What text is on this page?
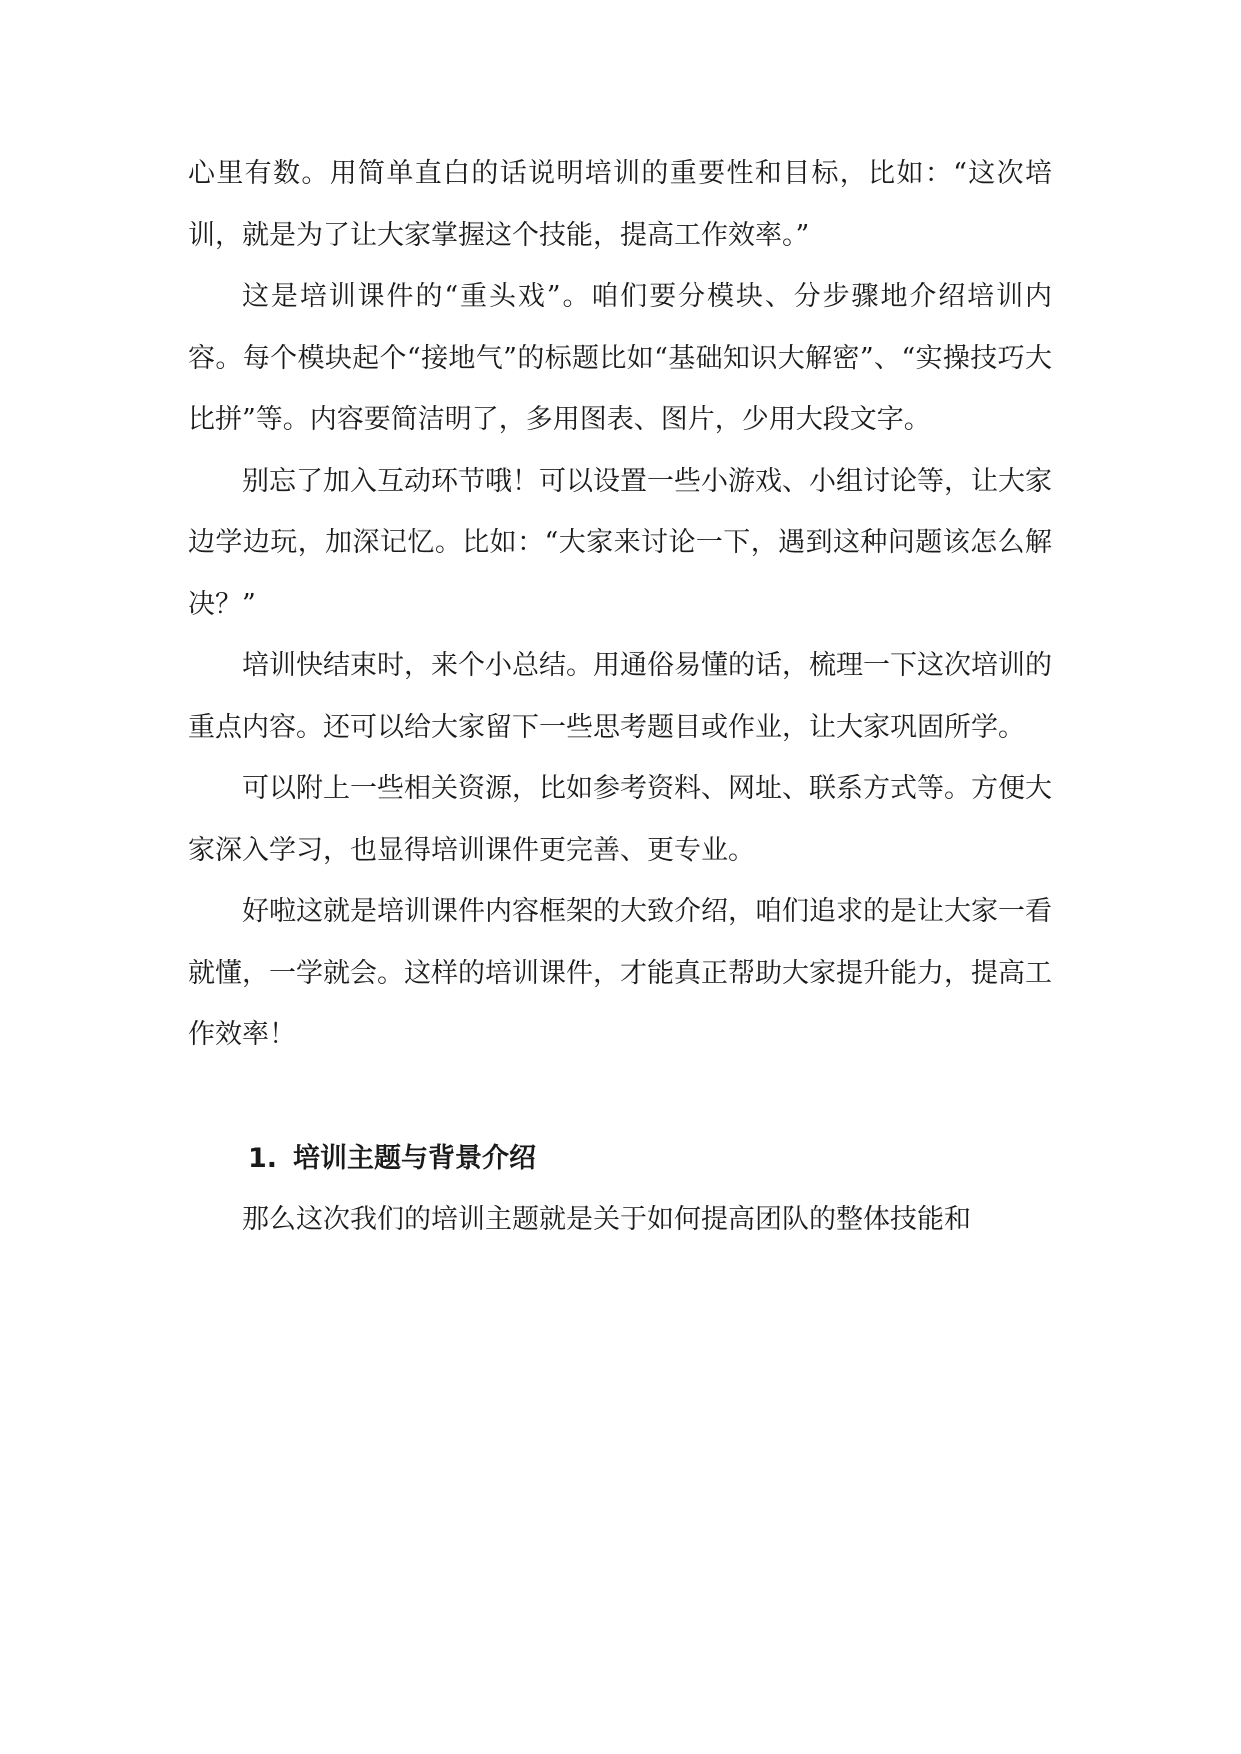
心里有数。用简单直白的话说明培训的重要性和目标，比如：“这次培训，就是为了让大家掌握这个技能，提高工作效率。”

这是培训课件的“重头戏”。咱们要分模块、分步骤地介绍培训内容。每个模块起个“接地气”的标题比如“基础知识大解密”、“实操技巧大比拼”等。内容要简洁明了，多用图表、图片，少用大段文字。

别忘了加入互动环节哦！可以设置一些小游戏、小组讨论等，让大家边学边玩，加深记忆。比如：“大家来讨论一下，遇到这种问题该怎么解决？”

培训快结束时，来个小总结。用通俗易懂的话，梳理一下这次培训的重点内容。还可以给大家留下一些思考题目或作业，让大家巩固所学。

可以附上一些相关资源，比如参考资料、网址、联系方式等。方便大家深入学习，也显得培训课件更完善、更专业。

好啦这就是培训课件内容框架的大致介绍，咱们追求的是让大家一看就懂，一学就会。这样的培训课件，才能真正帮助大家提升能力，提高工作效率！

1. 培训主题与背景介绍

那么这次我们的培训主题就是关于如何提高团队的整体技能和
